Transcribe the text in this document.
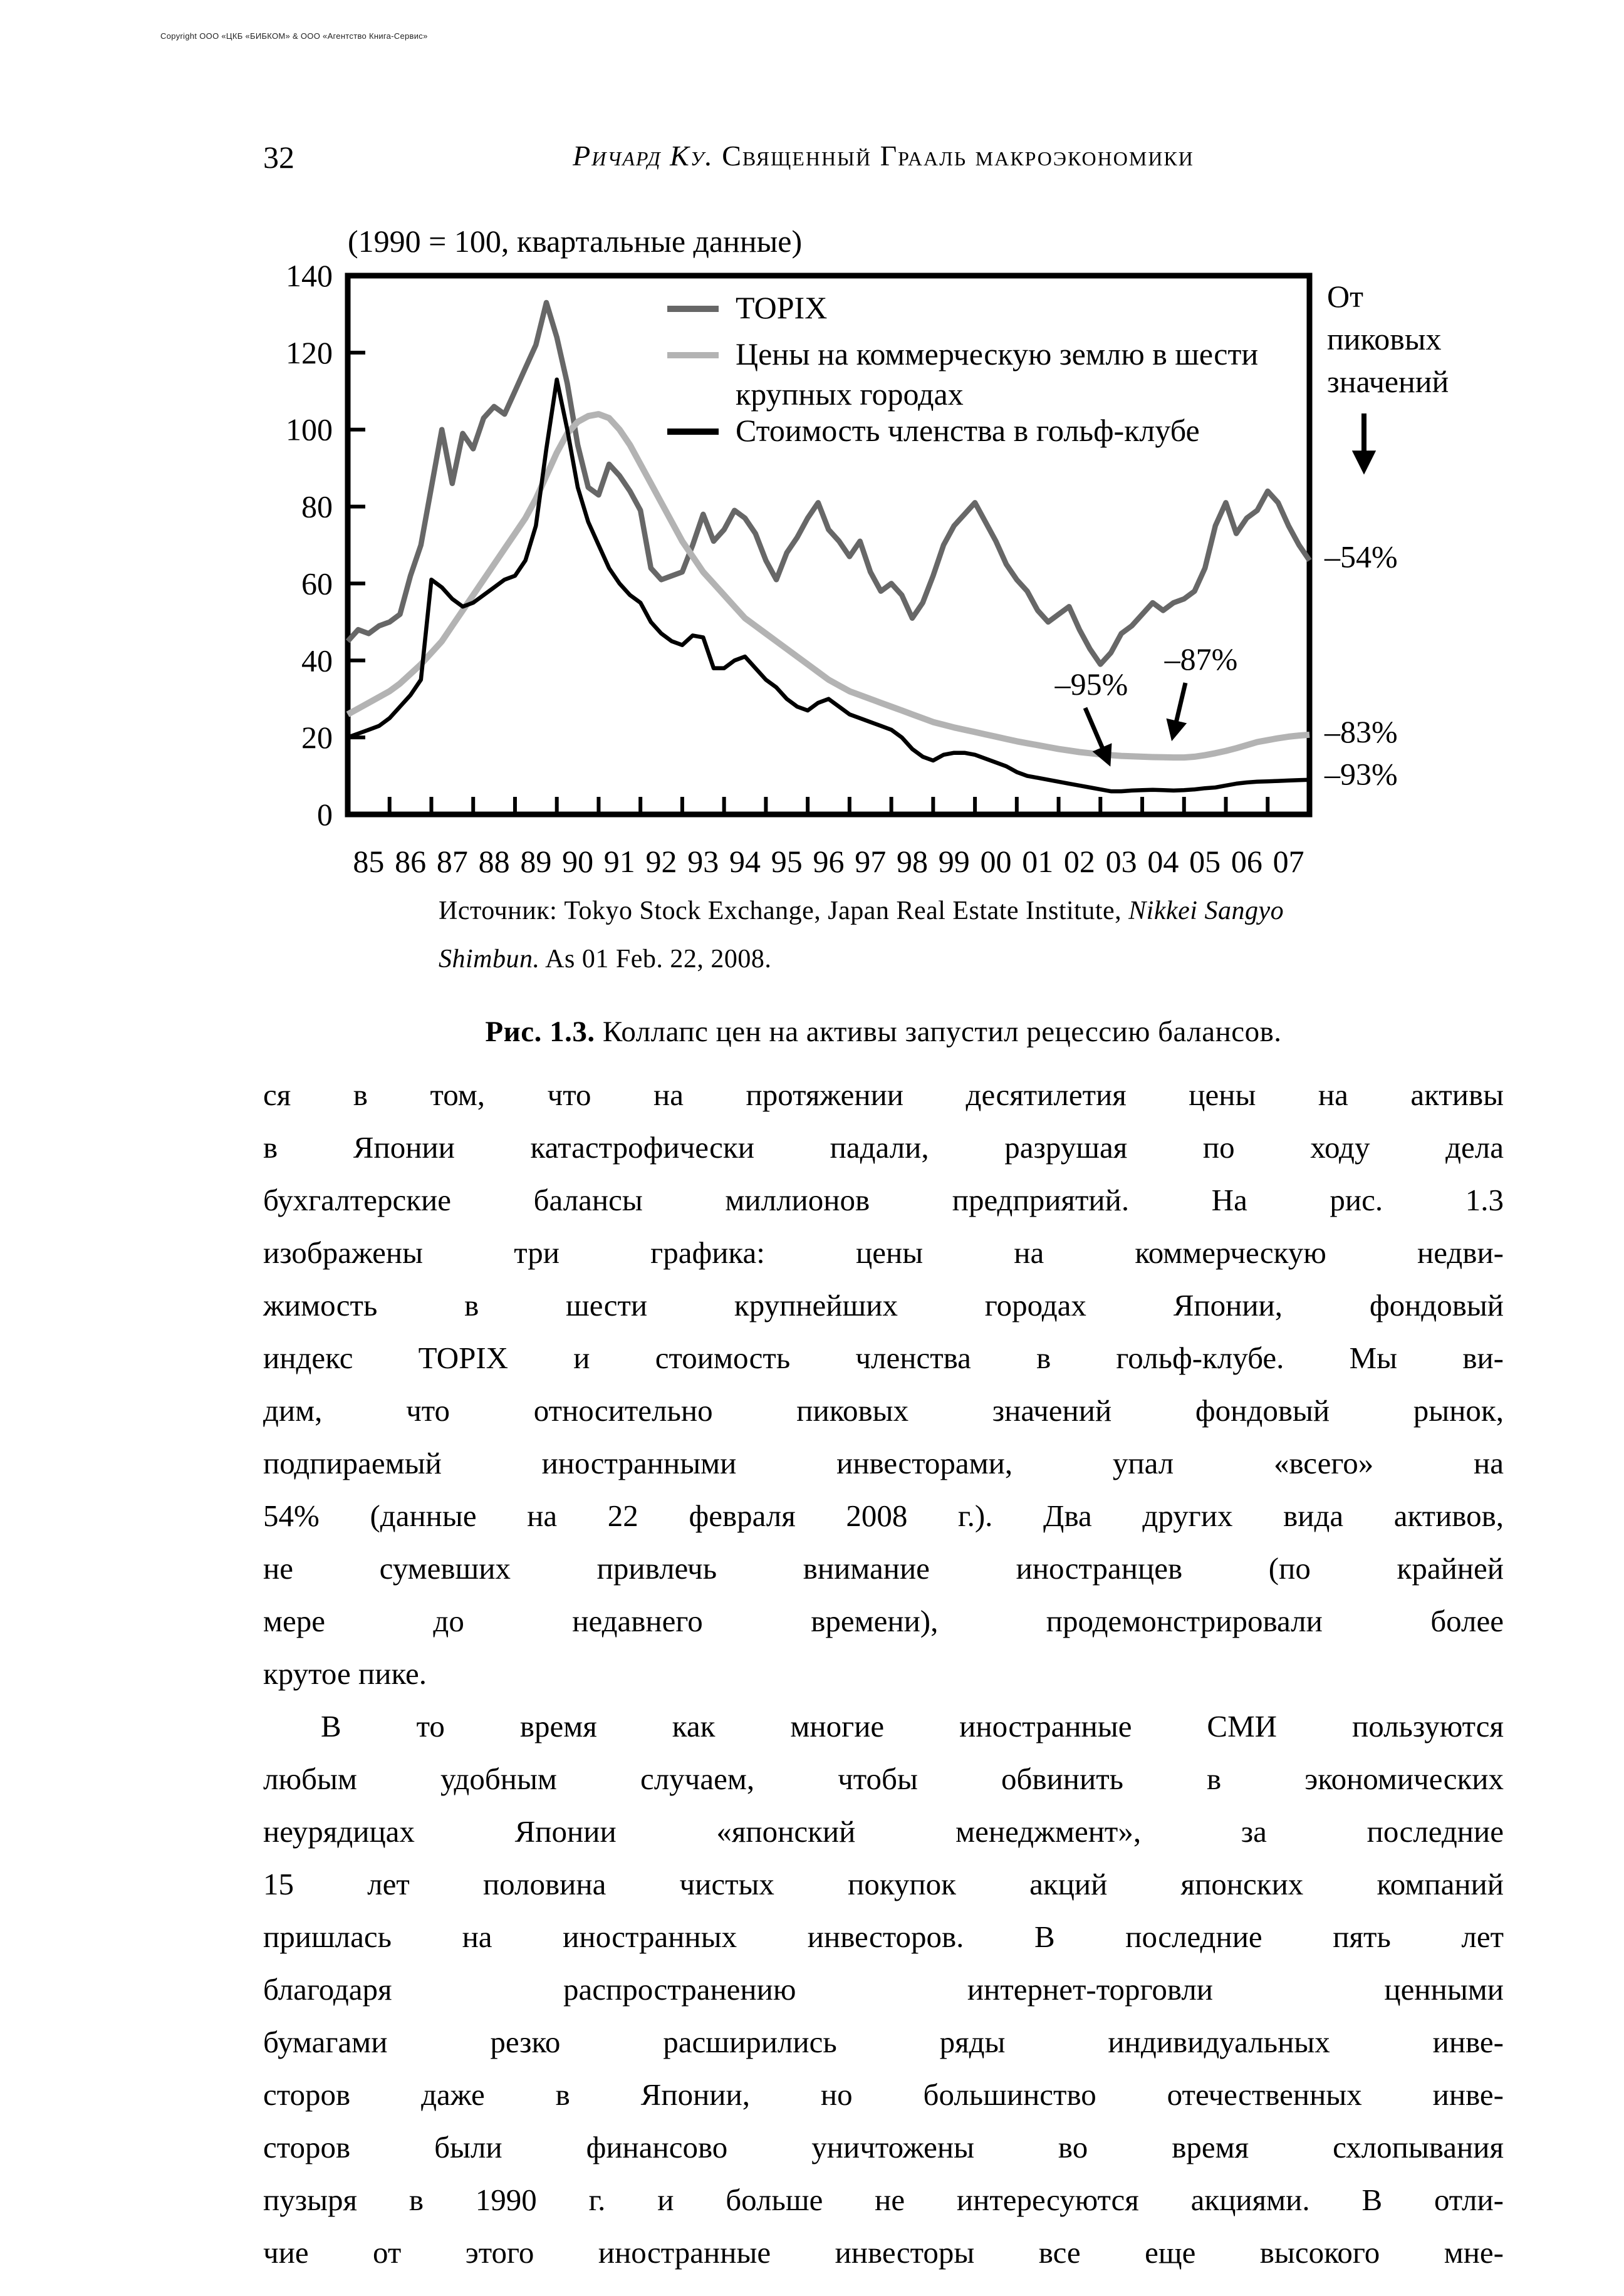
Copyright ООО «ЦКБ «БИБКОМ» & ООО «Агентство Книга-Сервис»
32	Ричард Ку. Священный Грааль макроэкономики
(1990 = 100, квартальные данные)
0
20
40
60
80
100
120
140
85 86 87 88 89 90 91 92 93 94 95 96 97 98 99 00 01 02 03 04 05 06 07
TOPIX
Цены на коммерческую землю в шести
крупных городах
Стоимость членства в гольф-клубе
От
пиковых
значений
–95%
–87%
–54%
–83%
–93%
Источник: Tokyo Stock Exchange, Japan Real Estate Institute, Nikkei Sangyo
Shimbun. As 01 Feb. 22, 2008.
Рис. 1.3. Коллапс цен на активы запустил рецессию балансов.
ся в том, что на протяжении десятилетия цены на активы
в Японии катастрофически падали, разрушая по ходу дела
бухгалтерские балансы миллионов предприятий. На рис. 1.3
изображены три графика: цены на коммерческую недви-
жимость в шести крупнейших городах Японии, фондовый
индекс TOPIX и стоимость членства в гольф-клубе. Мы ви-
дим, что относительно пиковых значений фондовый рынок,
подпираемый иностранными инвесторами, упал «всего» на
54% (данные на 22 февраля 2008 г.). Два других вида активов,
не сумевших привлечь внимание иностранцев (по крайней
мере до недавнего времени), продемонстрировали более
крутое пике.
В то время как многие иностранные СМИ пользуются
любым удобным случаем, чтобы обвинить в экономических
неурядицах Японии «японский менеджмент», за последние
15 лет половина чистых покупок акций японских компаний
пришлась на иностранных инвесторов. В последние пять лет
благодаря распространению интернет-торговли ценными
бумагами резко расширились ряды индивидуальных инве-
сторов даже в Японии, но большинство отечественных инве-
сторов были финансово уничтожены во время схлопывания
пузыря в 1990 г. и больше не интересуются акциями. В отли-
чие от этого иностранные инвесторы все еще высокого мне-
